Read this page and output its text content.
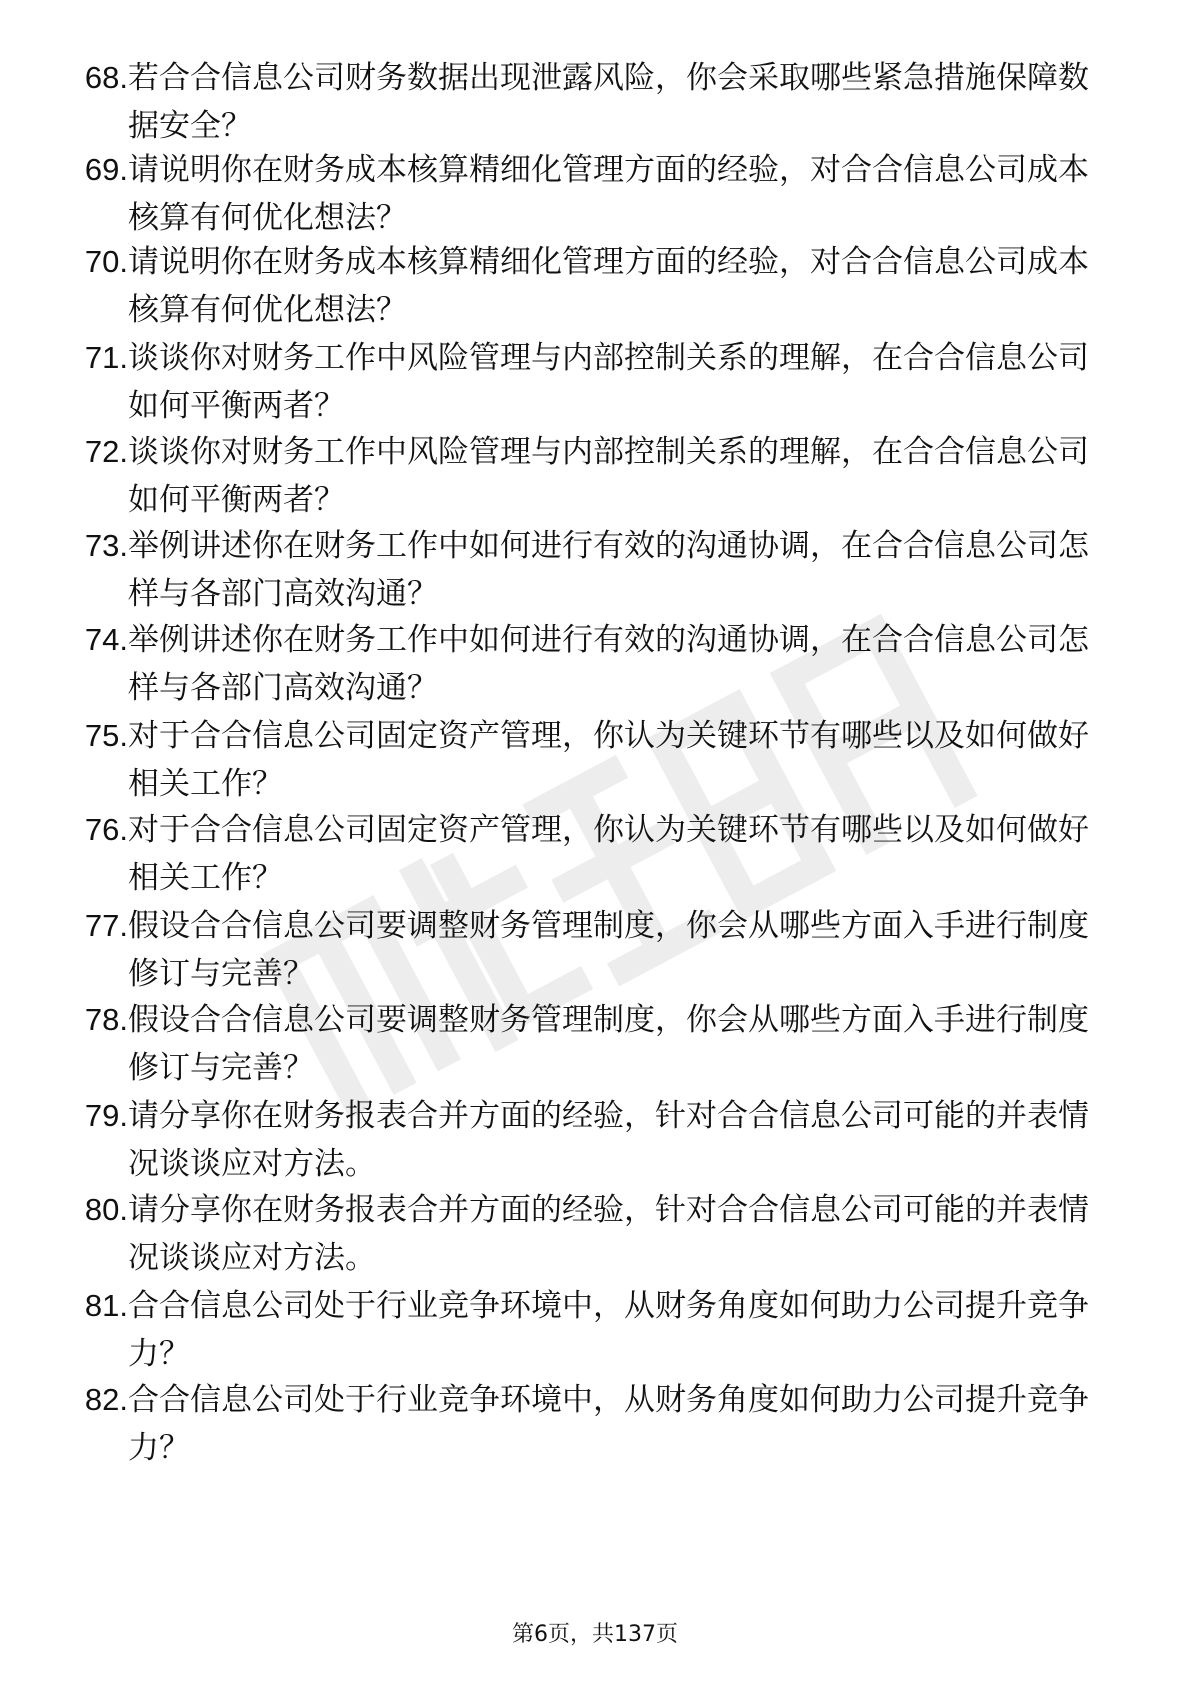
68. 若合合信息公司财务数据出现泄露风险，你会采取哪些紧急措施保障数据安全？
69. 请说明你在财务成本核算精细化管理方面的经验，对合合信息公司成本核算有何优化想法？
70. 请说明你在财务成本核算精细化管理方面的经验，对合合信息公司成本核算有何优化想法？
71. 谈谈你对财务工作中风险管理与内部控制关系的理解，在合合信息公司如何平衡两者？
72. 谈谈你对财务工作中风险管理与内部控制关系的理解，在合合信息公司如何平衡两者？
73. 举例讲述你在财务工作中如何进行有效的沟通协调，在合合信息公司怎样与各部门高效沟通？
74. 举例讲述你在财务工作中如何进行有效的沟通协调，在合合信息公司怎样与各部门高效沟通？
75. 对于合合信息公司固定资产管理，你认为关键环节有哪些以及如何做好相关工作？
76. 对于合合信息公司固定资产管理，你认为关键环节有哪些以及如何做好相关工作？
77. 假设合合信息公司要调整财务管理制度，你会从哪些方面入手进行制度修订与完善？
78. 假设合合信息公司要调整财务管理制度，你会从哪些方面入手进行制度修订与完善？
79. 请分享你在财务报表合并方面的经验，针对合合信息公司可能的并表情况谈谈应对方法。
80. 请分享你在财务报表合并方面的经验，针对合合信息公司可能的并表情况谈谈应对方法。
81. 合合信息公司处于行业竞争环境中，从财务角度如何助力公司提升竞争力？
82. 合合信息公司处于行业竞争环境中，从财务角度如何助力公司提升竞争力？
第6页，共137页
